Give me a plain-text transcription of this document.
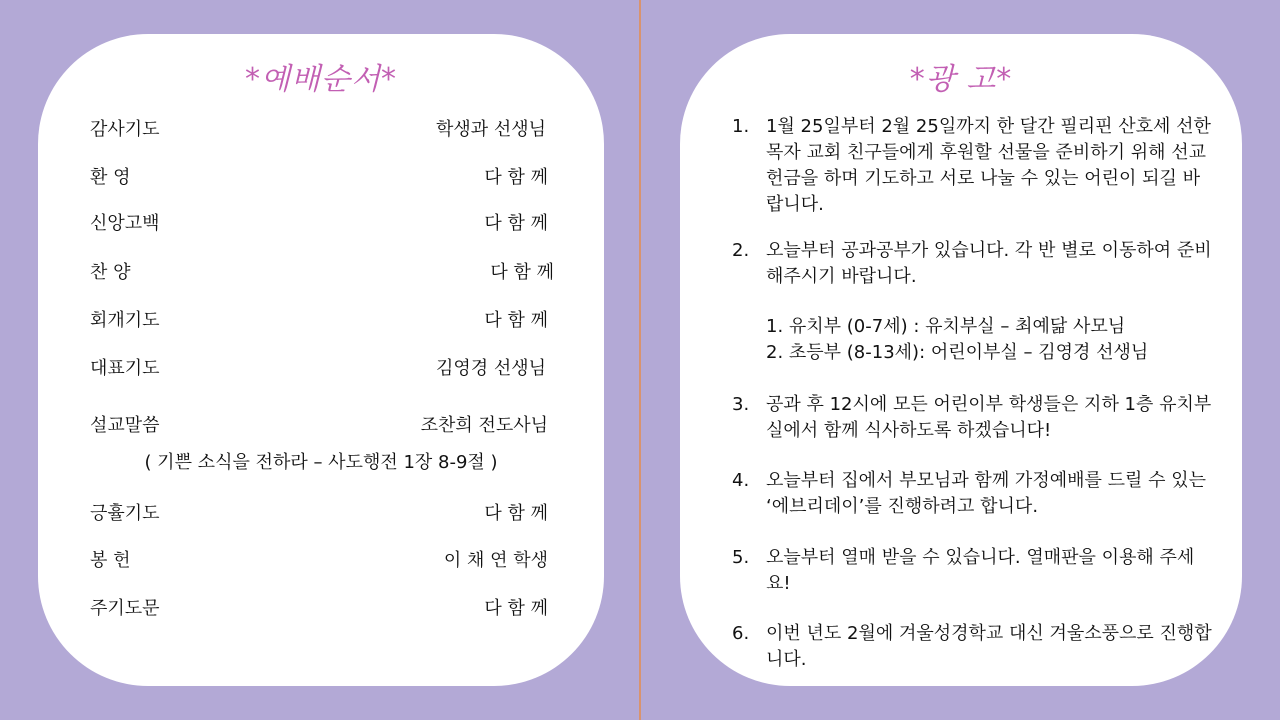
*예배순서*
감사기도	학생과 선생님
환 영	다 함 께
신앙고백	다 함 께
찬 양	다 함 께
회개기도	다 함 께
대표기도	김영경 선생님
설교말씀	조찬희 전도사님
( 기쁜 소식을 전하라 – 사도행전 1장 8-9절 )
긍휼기도	다 함 께
봉 헌	이 채 연 학생
주기도문	다 함 께
*광 고*
1. 1월 25일부터 2월 25일까지 한 달간 필리핀 산호세 선한목자 교회 친구들에게 후원할 선물을 준비하기 위해 선교헌금을 하며 기도하고 서로 나눌 수 있는 어린이 되길 바랍니다.
2. 오늘부터 공과공부가 있습니다. 각 반 별로 이동하여 준비해주시기 바랍니다.
1. 유치부 (0-7세) : 유치부실 – 최예닮 사모님
2. 초등부 (8-13세): 어린이부실 – 김영경 선생님
3. 공과 후 12시에 모든 어린이부 학생들은 지하 1층 유치부실에서 함께 식사하도록 하겠습니다!
4. 오늘부터 집에서 부모님과 함께 가정예배를 드릴 수 있는 ‘에브리데이’를 진행하려고 합니다.
5. 오늘부터 열매 받을 수 있습니다. 열매판을 이용해 주세요!
6. 이번 년도 2월에 겨울성경학교 대신 겨울소풍으로 진행합니다.
